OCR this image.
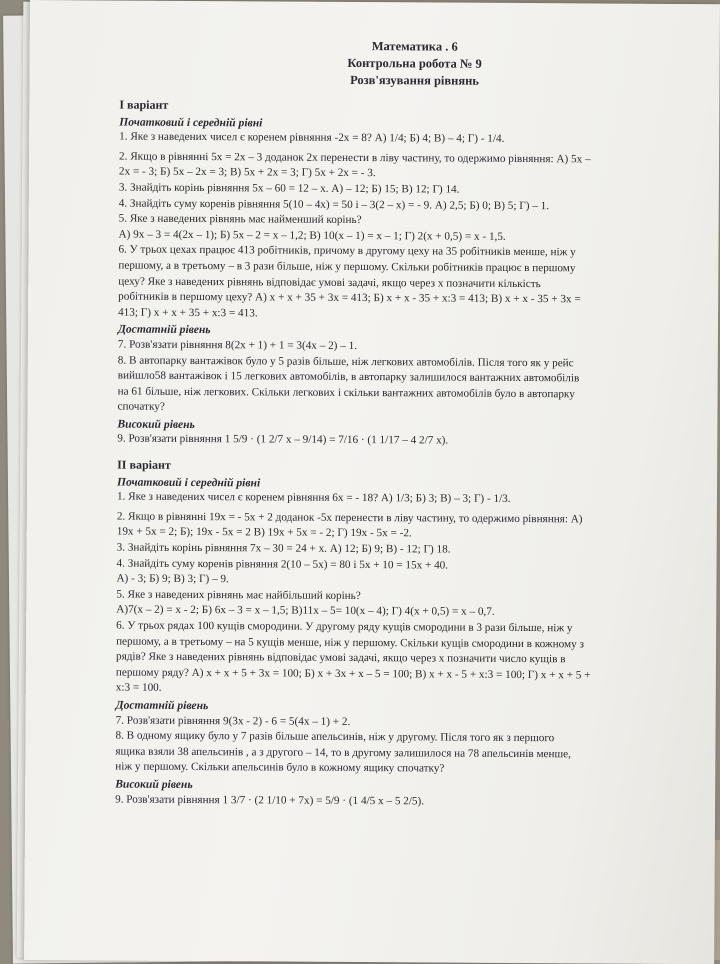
Математика . 6
Контрольна робота № 9
Розв'язування рівнянь
І варіант
Початковий і середній рівні
1. Яке з наведених чисел є коренем рівняння -2х = 8? А) 1/4; Б) 4; В) – 4; Г) - 1/4.
2. Якщо в рівнянні 5х = 2х – 3 доданок 2х перенести в ліву частину, то одержимо рівняння: А) 5х –
2х = - 3; Б) 5х – 2х = 3; В) 5х + 2х = 3; Г) 5х + 2х = - 3.
3. Знайдіть корінь рівняння 5х – 60 = 12 – х. А) – 12; Б) 15; В) 12; Г) 14.
4. Знайдіть суму коренів рівняння 5(10 – 4х) = 50 і – 3(2 – х) = - 9. А) 2,5; Б) 0; В) 5; Г) – 1.
5. Яке з наведених рівнянь має найменший корінь?
А) 9х – 3 = 4(2х – 1); Б) 5х – 2 = х – 1,2; В) 10(х – 1) = х – 1; Г) 2(х + 0,5) = х - 1,5.
6. У трьох цехах працює 413 робітників, причому в другому цеху на 35 робітників менше, ніж у
першому, а в третьому – в 3 рази більше, ніж у першому. Скільки робітників працює в першому
цеху? Яке з наведених рівнянь відповідає умові задачі, якщо через х позначити кількість
робітників в першому цеху? А) х + х + 35 + 3х = 413; Б) х + х - 35 + х:3 = 413; В) х + х - 35 + 3х =
413; Г) х + х + 35 + х:3 = 413.
Достатній рівень
7. Розв'язати рівняння 8(2х + 1) + 1 = 3(4х – 2) – 1.
8. В автопарку вантажівок було у 5 разів більше, ніж легкових автомобілів. Після того як у рейс
вийшло58 вантажівок і 15 легкових автомобілів, в автопарку залишилося вантажних автомобілів
на 61 більше, ніж легкових. Скільки легкових і скільки вантажних автомобілів було в автопарку
спочатку?
Високий рівень
9. Розв'язати рівняння 1 5/9 · (1 2/7 x – 9/14) = 7/16 · (1 1/17 – 4 2/7 x).
ІІ варіант
Початковий і середній рівні
1. Яке з наведених чисел є коренем рівняння 6х = - 18? А) 1/3; Б) 3; В) – 3; Г) - 1/3.
2. Якщо в рівнянні 19х = - 5х + 2 доданок -5х перенести в ліву частину, то одержимо рівняння: А)
19х + 5х = 2; Б); 19х - 5х = 2 В) 19х + 5х = - 2; Г) 19х - 5х = -2.
3. Знайдіть корінь рівняння 7х – 30 = 24 + х. А) 12; Б) 9; В) - 12; Г) 18.
4. Знайдіть суму коренів рівняння 2(10 – 5х) = 80 і 5х + 10 = 15х + 40.
А) - 3; Б) 9; В) 3; Г) – 9.
5. Яке з наведених рівнянь має найбільший корінь?
А)7(х – 2) = х - 2; Б) 6х – 3 = х – 1,5; В)11х – 5= 10(х – 4); Г) 4(х + 0,5) = х – 0,7.
6. У трьох рядах 100 кущів смородини. У другому ряду кущів смородини в 3 рази більше, ніж у
першому, а в третьому – на 5 кущів менше, ніж у першому. Скільки кущів смородини в кожному з
рядів? Яке з наведених рівнянь відповідає умові задачі, якщо через х позначити число кущів в
першому ряду? А) х + х + 5 + 3х = 100; Б) х + 3х + х – 5 = 100; В) х + х - 5 + х:3 = 100; Г) х + х + 5 +
х:3 = 100.
Достатній рівень
7. Розв'язати рівняння 9(3х - 2) - 6 = 5(4х – 1) + 2.
8. В одному ящику було у 7 разів більше апельсинів, ніж у другому. Після того як з першого
ящика взяли 38 апельсинів , а з другого – 14, то в другому залишилося на 78 апельсинів менше,
ніж у першому. Скільки апельсинів було в кожному ящику спочатку?
Високий рівень
9. Розв'язати рівняння 1 3/7 · (2 1/10 + 7x) = 5/9 · (1 4/5 x – 5 2/5).
